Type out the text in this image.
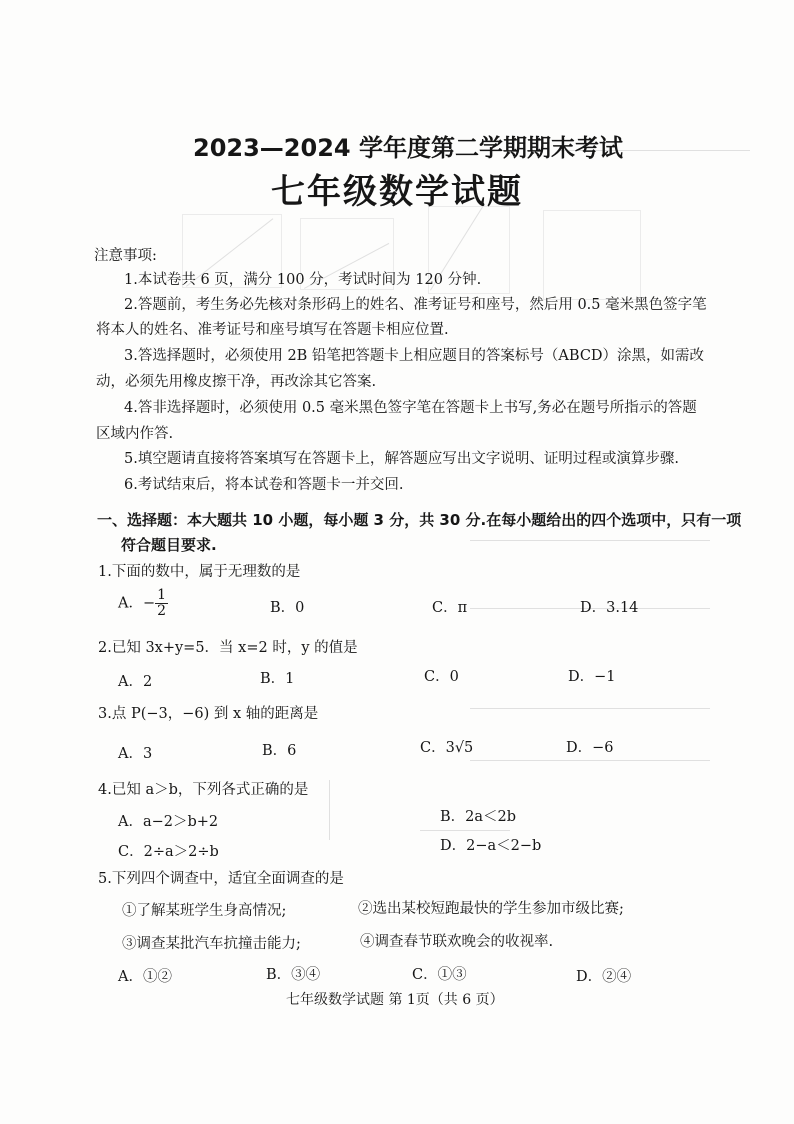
2023—2024 学年度第二学期期末考试
七年级数学试题
注意事项:
1.本试卷共 6 页，满分 100 分，考试时间为 120 分钟.
2.答题前，考生务必先核对条形码上的姓名、准考证号和座号，然后用 0.5 毫米黑色签字笔
将本人的姓名、准考证号和座号填写在答题卡相应位置.
3.答选择题时，必须使用 2B 铅笔把答题卡上相应题目的答案标号（ABCD）涂黑，如需改
动，必须先用橡皮擦干净，再改涂其它答案.
4.答非选择题时，必须使用 0.5 毫米黑色签字笔在答题卡上书写,务必在题号所指示的答题
区域内作答.
5.填空题请直接将答案填写在答题卡上，解答题应写出文字说明、证明过程或演算步骤.
6.考试结束后，将本试卷和答题卡一并交回.
一、选择题：本大题共 10 小题，每小题 3 分，共 30 分.在每小题给出的四个选项中，只有一项
符合题目要求.
1.下面的数中，属于无理数的是
A．− $\frac{1}{2}$	B．0	C．π	D．3.14
2.已知 3x+y=5．当 x=2 时，y 的值是
A．2	B．1	C．0	D．−1
3.点 P(−3，−6) 到 x 轴的距离是
A．3	B．6	C．3√5	D．−6
4.已知 a＞b，下列各式正确的是
A．a−2＞b+2	B．2a＜2b
C．2÷a＞2÷b	D．2−a＜2−b
5.下列四个调查中，适宜全面调查的是
①了解某班学生身高情况;	②选出某校短跑最快的学生参加市级比赛;
③调查某批汽车抗撞击能力;	④调查春节联欢晚会的收视率.
A．①②	B．③④	C．①③	D．②④
七年级数学试题 第 1页（共 6 页）
